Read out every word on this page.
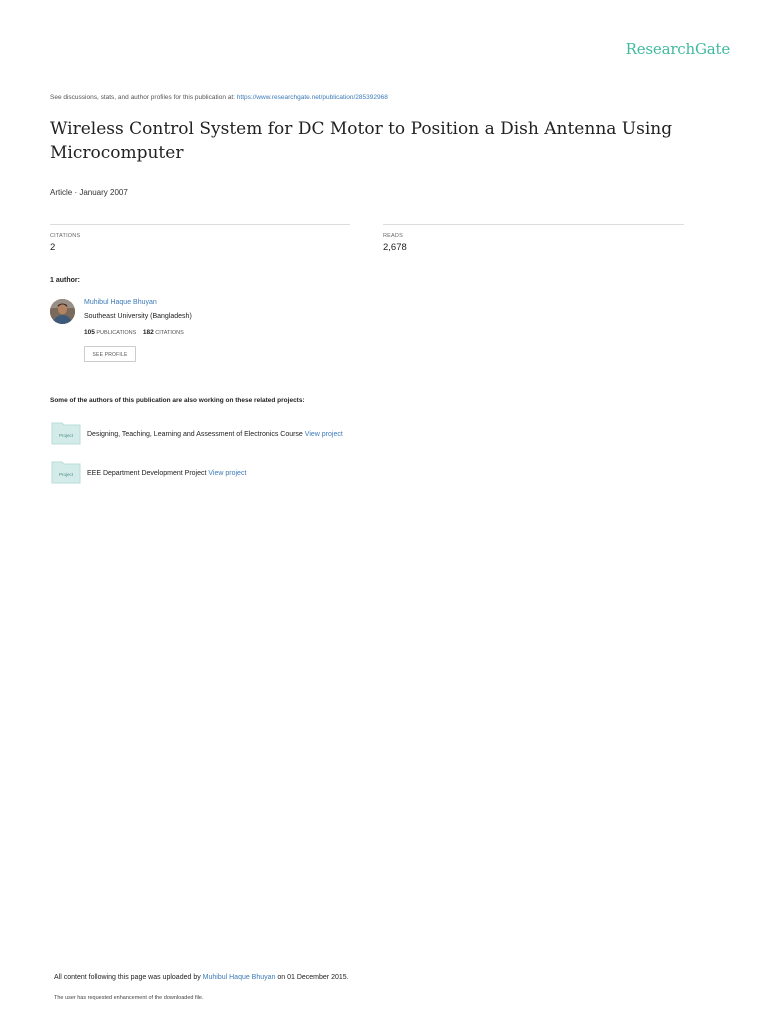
ResearchGate
See discussions, stats, and author profiles for this publication at: https://www.researchgate.net/publication/285392968
Wireless Control System for DC Motor to Position a Dish Antenna Using Microcomputer
Article · January 2007
CITATIONS
2
READS
2,678
1 author:
Muhibul Haque Bhuyan
Southeast University (Bangladesh)
105 PUBLICATIONS 182 CITATIONS
SEE PROFILE
Some of the authors of this publication are also working on these related projects:
Project Designing, Teaching, Learning and Assessment of Electronics Course View project
Project EEE Department Development Project View project
All content following this page was uploaded by Muhibul Haque Bhuyan on 01 December 2015.
The user has requested enhancement of the downloaded file.
